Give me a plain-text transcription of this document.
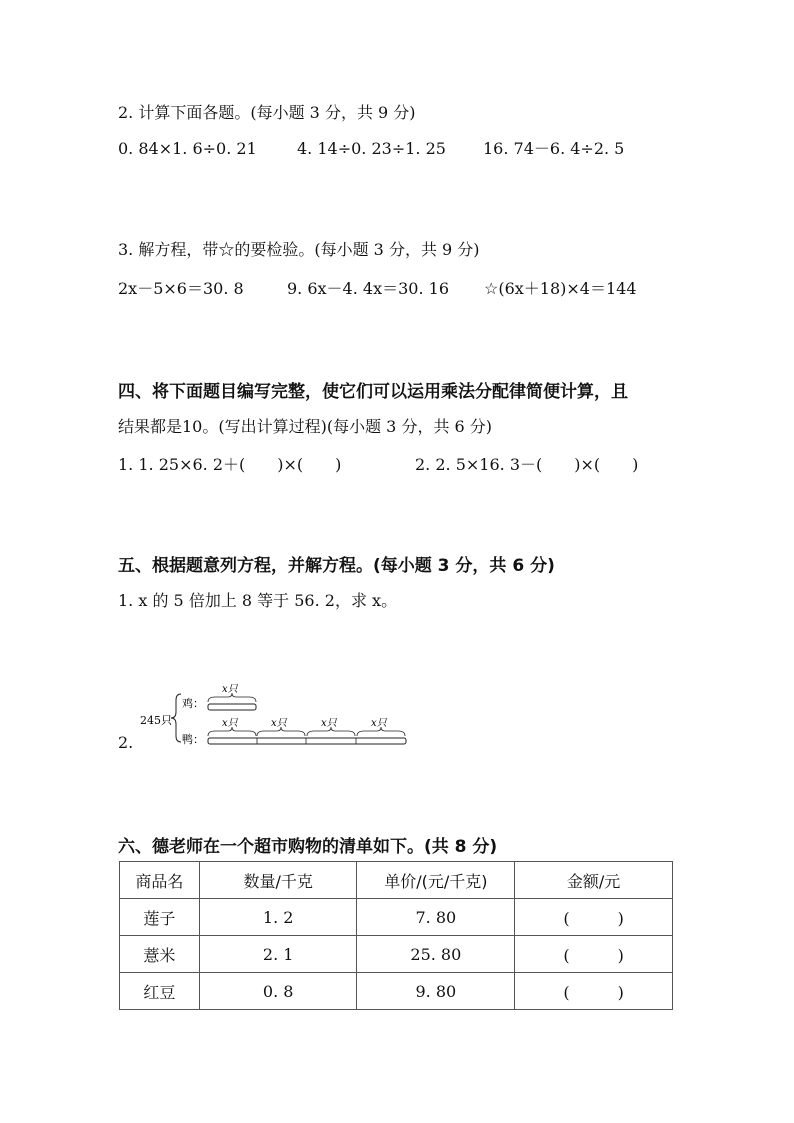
2. 计算下面各题。(每小题 3 分，共 9 分)
0. 84×1. 6÷0. 21	4. 14÷0. 23÷1. 25 16. 74－6. 4÷2. 5
3. 解方程，带☆的要检验。(每小题 3 分，共 9 分)
2x－5×6＝30. 8	9. 6x－4. 4x＝30. 16 ☆(6x＋18)×4＝144
四、将下面题目编写完整，使它们可以运用乘法分配律简便计算，且
结果都是10。(写出计算过程)(每小题 3 分，共 6 分)
1. 1. 25×6. 2＋(　　)×(　　)	2. 2. 5×16. 3－(　　)×(　　)
五、根据题意列方程，并解方程。(每小题 3 分，共 6 分)
1. x 的 5 倍加上 8 等于 56. 2，求 x。
245只
鸡：
鸭：
x只
x只	x只	x只	x只
2.
六、德老师在一个超市购物的清单如下。(共 8 分)
商品名	数量/千克	单价/(元/千克)	金额/元
莲子	1. 2	7. 80	(　　　)
薏米	2. 1	25. 80	(　　　)
红豆	0. 8	9. 80	(　　　)
